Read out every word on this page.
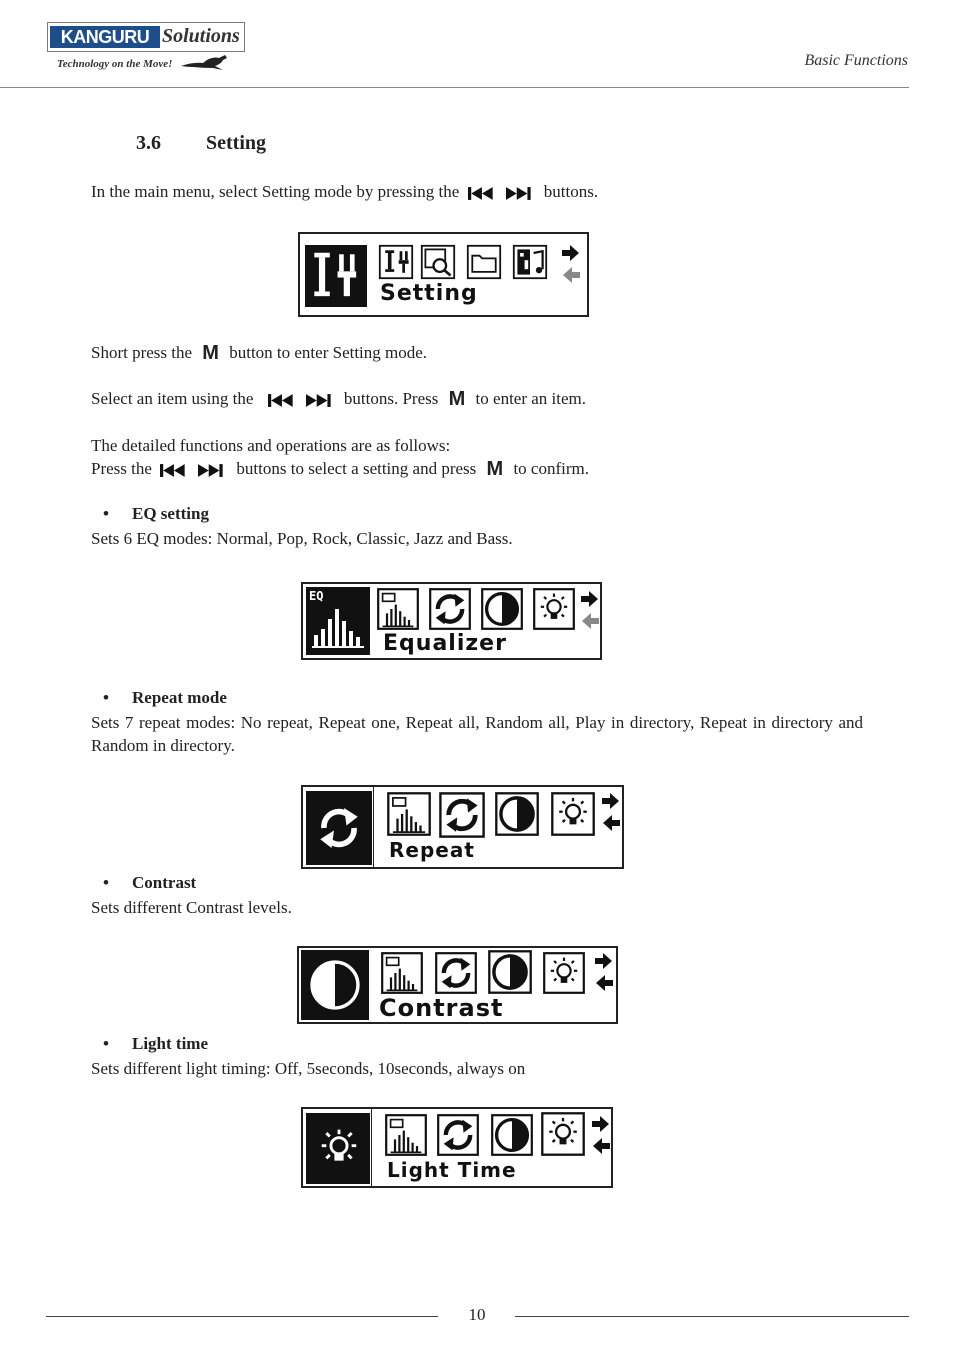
KANGURU Solutions
Technology on the Move!	Basic Functions
3.6 Setting
In the main menu, select Setting mode by pressing the	buttons.
Setting
Short press the M button to enter Setting mode.
Select an item using the	buttons. Press M to enter an item.
The detailed functions and operations are as follows:
Press the	buttons to select a setting and press M to confirm.
• EQ setting
Sets 6 EQ modes: Normal, Pop, Rock, Classic, Jazz and Bass.
EQ
Equalizer
• Repeat mode
Sets 7 repeat modes: No repeat, Repeat one, Repeat all, Random all, Play in directory, Repeat in directory and Random in directory.
Repeat
• Contrast
Sets different Contrast levels.
Contrast
• Light time
Sets different light timing: Off, 5seconds, 10seconds, always on
Light Time
10
